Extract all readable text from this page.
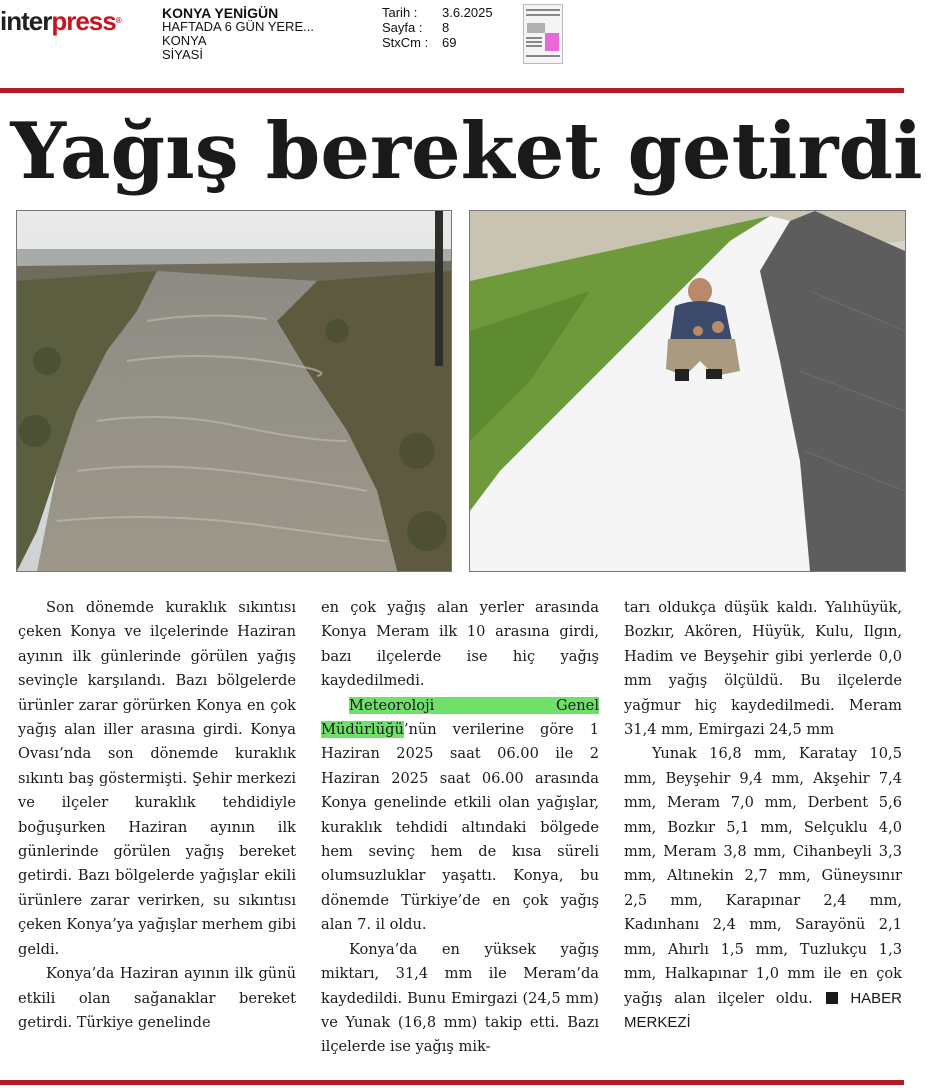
interpress®	KONYA YENİGÜN
HAFTADA 6 GÜN YERE...
KONYA
SİYASİ
Tarih :	3.6.2025
Sayfa :	8
StxCm :	69
Yağış bereket getirdi

Son dönemde kuraklık sıkıntısı çeken Konya ve ilçelerinde Haziran ayının ilk günlerinde görülen yağış sevinçle karşılandı. Bazı bölgelerde ürünler zarar görürken Konya en çok yağış alan iller arasına girdi. Konya Ovası’nda son dönemde kuraklık sıkıntı baş göstermişti. Şehir merkezi ve ilçeler kuraklık tehdidiyle boğuşurken Haziran ayının ilk günlerinde görülen yağış bereket getirdi. Bazı bölgelerde yağışlar ekili ürünlere zarar verirken, su sıkıntısı çeken Konya’ya yağışlar merhem gibi geldi.

Konya’da Haziran ayının ilk günü etkili olan sağanaklar bereket getirdi. Türkiye genelinde

en çok yağış alan yerler arasında Konya Meram ilk 10 arasına girdi, bazı ilçelerde ise hiç yağış kaydedilmedi.

Meteoroloji Genel Müdürlüğü’nün verilerine göre 1 Haziran 2025 saat 06.00 ile 2 Haziran 2025 saat 06.00 arasında Konya genelinde etkili olan yağışlar, kuraklık tehdidi altındaki bölgede hem sevinç hem de kısa süreli olumsuzluklar yaşattı. Konya, bu dönemde Türkiye’de en çok yağış alan 7. il oldu.

Konya’da en yüksek yağış miktarı, 31,4 mm ile Meram’da kaydedildi. Bunu Emirgazi (24,5 mm) ve Yunak (16,8 mm) takip etti. Bazı ilçelerde ise yağış mik-

tarı oldukça düşük kaldı. Yalıhüyük, Bozkır, Akören, Hüyük, Kulu, Ilgın, Hadim ve Beyşehir gibi yerlerde 0,0 mm yağış ölçüldü. Bu ilçelerde yağmur hiç kaydedilmedi. Meram 31,4 mm, Emirgazi 24,5 mm

Yunak 16,8 mm, Karatay 10,5 mm, Beyşehir 9,4 mm, Akşehir 7,4 mm, Meram 7,0 mm, Derbent 5,6 mm, Bozkır 5,1 mm, Selçuklu 4,0 mm, Meram 3,8 mm, Cihanbeyli 3,3 mm, Altınekin 2,7 mm, Güneysınır 2,5 mm, Karapınar 2,4 mm, Kadınhanı 2,4 mm, Sarayönü 2,1 mm, Ahırlı 1,5 mm, Tuzlukçu 1,3 mm, Halkapınar 1,0 mm ile en çok yağış alan ilçeler oldu.	HABER MERKEZİ
